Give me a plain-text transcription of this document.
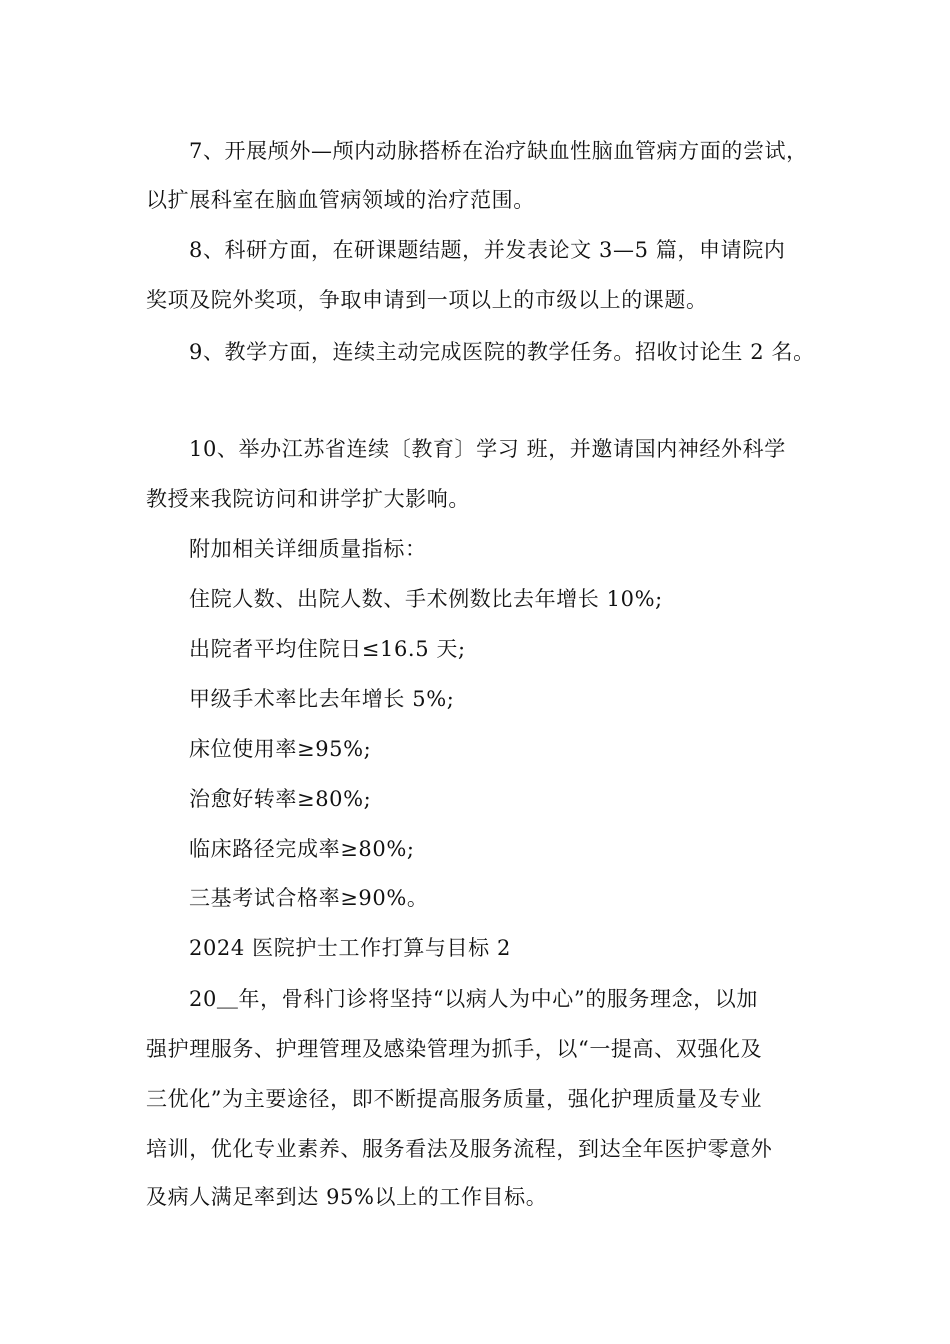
7、开展颅外—颅内动脉搭桥在治疗缺血性脑血管病方面的尝试，
以扩展科室在脑血管病领域的治疗范围。
8、科研方面，在研课题结题，并发表论文 3—5 篇，申请院内
奖项及院外奖项，争取申请到一项以上的市级以上的课题。
9、教学方面，连续主动完成医院的教学任务。招收讨论生 2 名。
10、举办江苏省连续〔教育〕学习 班，并邀请国内神经外科学
教授来我院访问和讲学扩大影响。
附加相关详细质量指标：
住院人数、出院人数、手术例数比去年增长 10%;
出院者平均住院日≤16.5 天;
甲级手术率比去年增长 5%;
床位使用率≥95%;
治愈好转率≥80%;
临床路径完成率≥80%;
三基考试合格率≥90%。
2024 医院护士工作打算与目标 2
20＿年，骨科门诊将坚持“以病人为中心”的服务理念，以加
强护理服务、护理管理及感染管理为抓手，以“一提高、双强化及
三优化”为主要途径，即不断提高服务质量，强化护理质量及专业
培训，优化专业素养、服务看法及服务流程，到达全年医护零意外
及病人满足率到达 95%以上的工作目标。
